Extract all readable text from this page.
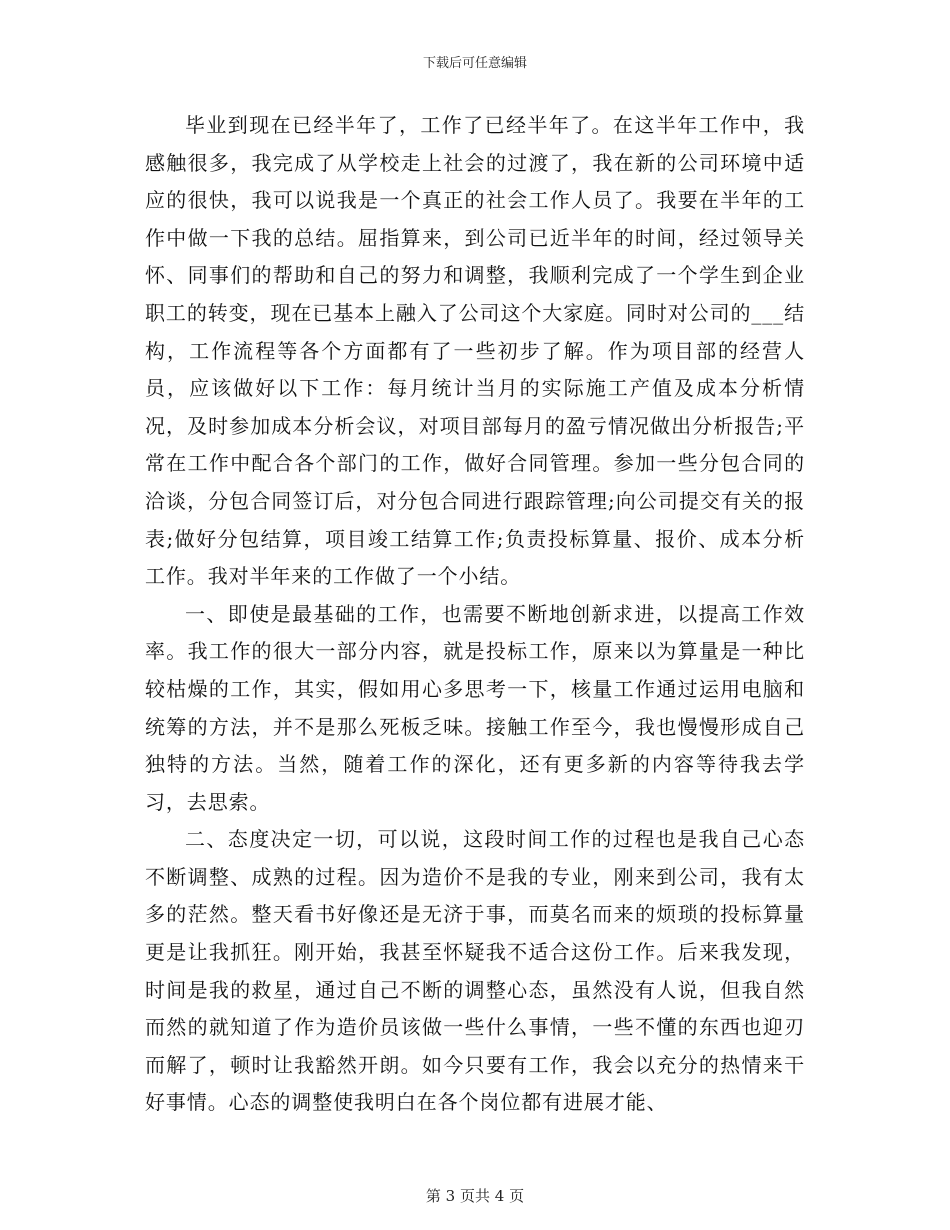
下载后可任意编辑

毕业到现在已经半年了，工作了已经半年了。在这半年工作中，我感触很多，我完成了从学校走上社会的过渡了，我在新的公司环境中适应的很快，我可以说我是一个真正的社会工作人员了。我要在半年的工作中做一下我的总结。屈指算来，到公司已近半年的时间，经过领导关怀、同事们的帮助和自己的努力和调整，我顺利完成了一个学生到企业职工的转变，现在已基本上融入了公司这个大家庭。同时对公司的___结构，工作流程等各个方面都有了一些初步了解。作为项目部的经营人员，应该做好以下工作：每月统计当月的实际施工产值及成本分析情况，及时参加成本分析会议，对项目部每月的盈亏情况做出分析报告;平常在工作中配合各个部门的工作，做好合同管理。参加一些分包合同的洽谈，分包合同签订后，对分包合同进行跟踪管理;向公司提交有关的报表;做好分包结算，项目竣工结算工作;负责投标算量、报价、成本分析工作。我对半年来的工作做了一个小结。

一、即使是最基础的工作，也需要不断地创新求进，以提高工作效率。我工作的很大一部分内容，就是投标工作，原来以为算量是一种比较枯燥的工作，其实，假如用心多思考一下，核量工作通过运用电脑和统筹的方法，并不是那么死板乏味。接触工作至今，我也慢慢形成自己独特的方法。当然，随着工作的深化，还有更多新的内容等待我去学习，去思索。

二、态度决定一切，可以说，这段时间工作的过程也是我自己心态不断调整、成熟的过程。因为造价不是我的专业，刚来到公司，我有太多的茫然。整天看书好像还是无济于事，而莫名而来的烦琐的投标算量更是让我抓狂。刚开始，我甚至怀疑我不适合这份工作。后来我发现，时间是我的救星，通过自己不断的调整心态，虽然没有人说，但我自然而然的就知道了作为造价员该做一些什么事情，一些不懂的东西也迎刃而解了，顿时让我豁然开朗。如今只要有工作，我会以充分的热情来干好事情。心态的调整使我明白在各个岗位都有进展才能、

第 3 页共 4 页
